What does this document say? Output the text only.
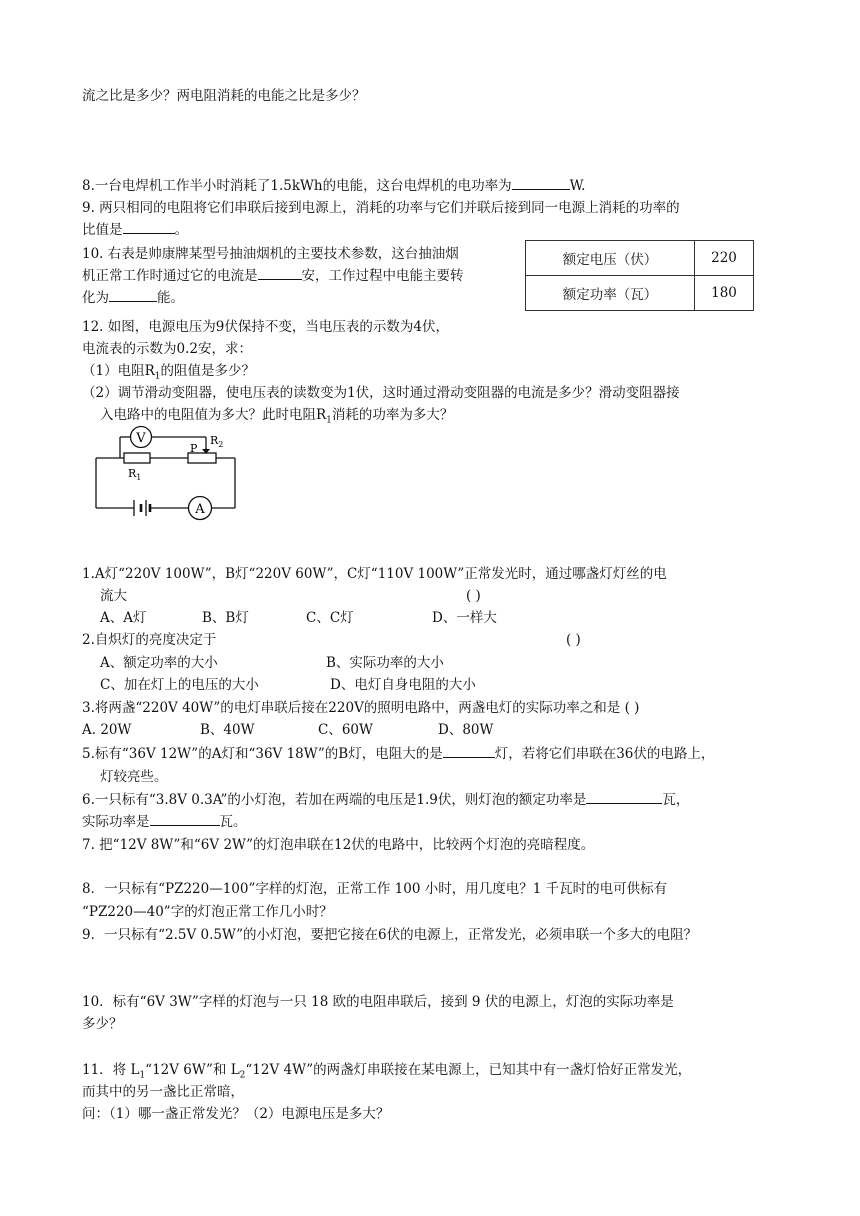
流之比是多少？两电阻消耗的电能之比是多少？
8.一台电焊机工作半小时消耗了1.5kWh的电能，这台电焊机的电功率为	W.
9. 两只相同的电阻将它们串联后接到电源上，消耗的功率与它们并联后接到同一电源上消耗的功率的
比值是	。
10. 右表是帅康牌某型号抽油烟机的主要技术参数，这台抽油烟
机正常工作时通过它的电流是	安，工作过程中电能主要转
化为	能。
额定电压（伏）	220
额定功率（瓦）	180
12. 如图，电源电压为9伏保持不变，当电压表的示数为4伏，
电流表的示数为0.2安，求：
（1）电阻$R_1$的阻值是多少？
（2）调节滑动变阻器，使电压表的读数变为1伏，这时通过滑动变阻器的电流是多少？滑动变阻器接
入电路中的电阻值为多大？此时电阻$R_1$消耗的功率为多大？
V
A
P
$R_1$
$R_2$
1.A灯“220V 100W”，B灯“220V 60W”，C灯“110V 100W”正常发光时，通过哪盏灯灯丝的电
流大	( )
A、A灯	B、B灯	C、C灯	D、一样大
2.自炽灯的亮度决定于	( )
A、额定功率的大小	B、实际功率的大小
C、加在灯上的电压的大小	D、电灯自身电阻的大小
3.将两盏“220V 40W”的电灯串联后接在220V的照明电路中，两盏电灯的实际功率之和是 ( )
A. 20W	B、40W	C、60W	D、80W
5.标有“36V 12W”的A灯和“36V 18W”的B灯，电阻大的是	灯，若将它们串联在36伏的电路上，
灯较亮些。
6.一只标有“3.8V 0.3A”的小灯泡，若加在两端的电压是1.9伏，则灯泡的额定功率是	瓦，
实际功率是	瓦。
7. 把“12V 8W”和“6V 2W”的灯泡串联在12伏的电路中，比较两个灯泡的亮暗程度。
8．一只标有“PZ220—100”字样的灯泡，正常工作 100 小时，用几度电？1 千瓦时的电可供标有
“PZ220—40”字的灯泡正常工作几小时？
9．一只标有“2.5V 0.5W”的小灯泡，要把它接在6伏的电源上，正常发光，必须串联一个多大的电阻？
10．标有“6V 3W”字样的灯泡与一只 18 欧的电阻串联后，接到 9 伏的电源上，灯泡的实际功率是
多少？
11．将 $L_1“12V$ 6W”和 $L_2“12V$ 4W”的两盏灯串联接在某电源上，已知其中有一盏灯恰好正常发光，
而其中的另一盏比正常暗，
问：（1）哪一盏正常发光？（2）电源电压是多大？
